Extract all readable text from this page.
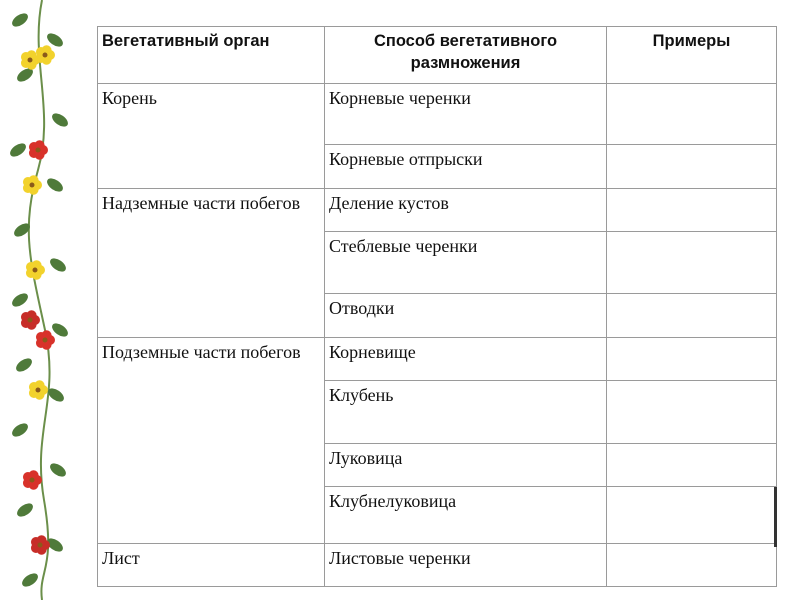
Вегетативный орган	Способ вегетативного размножения	Примеры
Корень	Корневые черенки	
	Корневые отпрыски	
Надземные части побегов	Деление кустов	
	Стеблевые черенки	
	Отводки	
Подземные части побегов	Корневище	
	Клубень	
	Луковица	
	Клубнелуковица	
Лист	Листовые черенки	
